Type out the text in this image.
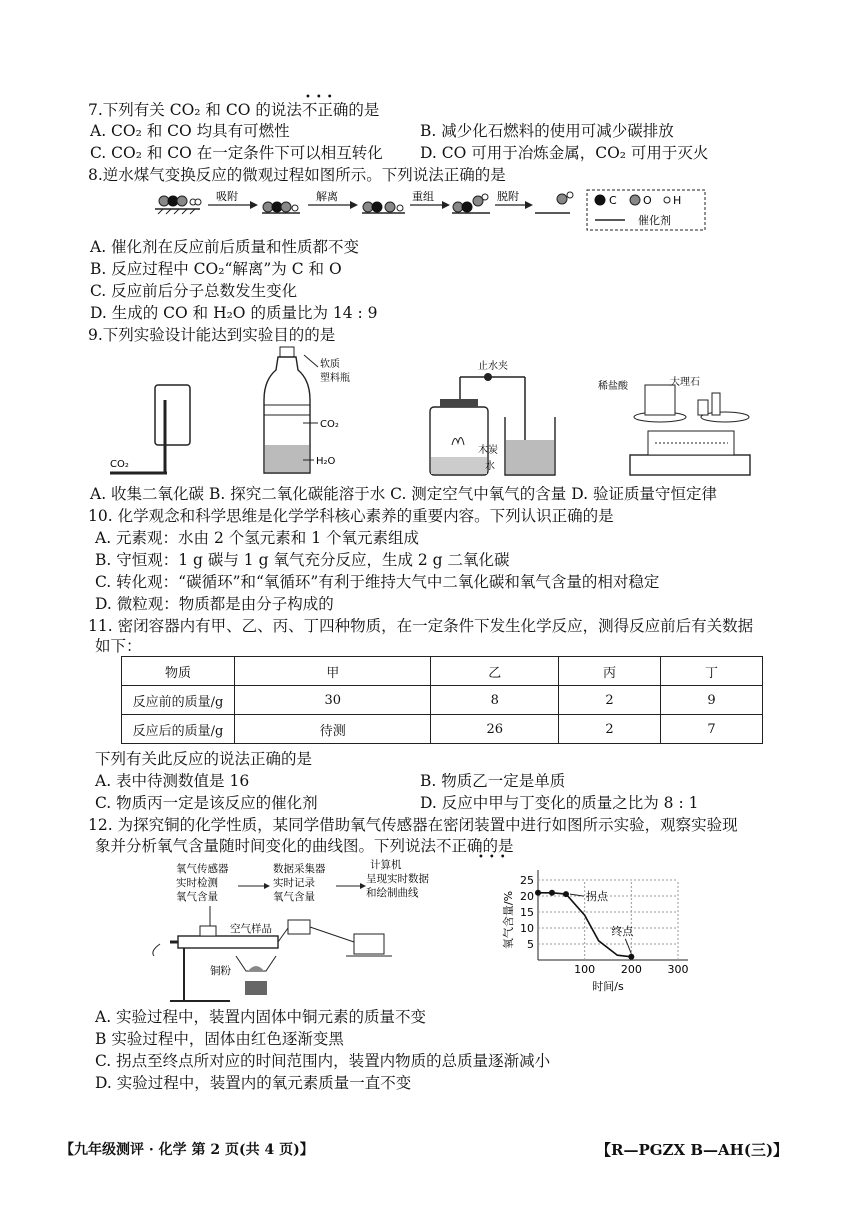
7.下列有关 CO₂ 和 CO 的说法不正确的是
•••
A. CO₂ 和 CO 均具有可燃性	B. 减少化石燃料的使用可减少碳排放
C. CO₂ 和 CO 在一定条件下可以相互转化 D. CO 可用于冶炼金属，CO₂ 可用于灭火
8.逆水煤气变换反应的微观过程如图所示。下列说法正确的是
吸附	解离	重组	脱附	C O H
催化剂
A. 催化剂在反应前后质量和性质都不变
B. 反应过程中 CO₂“解离”为 C 和 O
C. 反应前后分子总数发生变化
D. 生成的 CO 和 H₂O 的质量比为 14 : 9
9.下列实验设计能达到实验目的的是
CO₂
软质
塑料瓶
CO₂
H₂O
止水夹
木炭
水
稀盐酸	大理石
A. 收集二氧化碳 B. 探究二氧化碳能溶于水 C. 测定空气中氧气的含量 D. 验证质量守恒定律
10. 化学观念和科学思维是化学学科核心素养的重要内容。下列认识正确的是
A. 元素观：水由 2 个氢元素和 1 个氧元素组成
B. 守恒观：1 g 碳与 1 g 氧气充分反应，生成 2 g 二氧化碳
C. 转化观：“碳循环”和“氧循环”有利于维持大气中二氧化碳和氧气含量的相对稳定
D. 微粒观：物质都是由分子构成的
11. 密闭容器内有甲、乙、丙、丁四种物质，在一定条件下发生化学反应，测得反应前后有关数据
如下：
物质	甲	乙	丙	丁
反应前的质量/g	30	8	2	9
反应后的质量/g	待测	26	2	7
下列有关此反应的说法正确的是
A. 表中待测数值是 16	B. 物质乙一定是单质
C. 物质丙一定是该反应的催化剂	D. 反应中甲与丁变化的质量之比为 8 : 1
12. 为探究铜的化学性质，某同学借助氧气传感器在密闭装置中进行如图所示实验，观察实验现
象并分析氧气含量随时间变化的曲线图。下列说法不正确的是
•••
氧气传感器
实时检测
氧气含量
数据采集器
实时记录
氧气含量
计算机
呈现实时数据
和绘制曲线
空气样品
铜粉
5
10
15
20
25
100 200 300
时间/s
氧气含量/%	拐点
终点
A. 实验过程中，装置内固体中铜元素的质量不变
B 实验过程中，固体由红色逐渐变黑
C. 拐点至终点所对应的时间范围内，装置内物质的总质量逐渐减小
D. 实验过程中，装置内的氧元素质量一直不变
【九年级测评 · 化学 第 2 页(共 4 页)】	【R—PGZX B—AH(三)】
